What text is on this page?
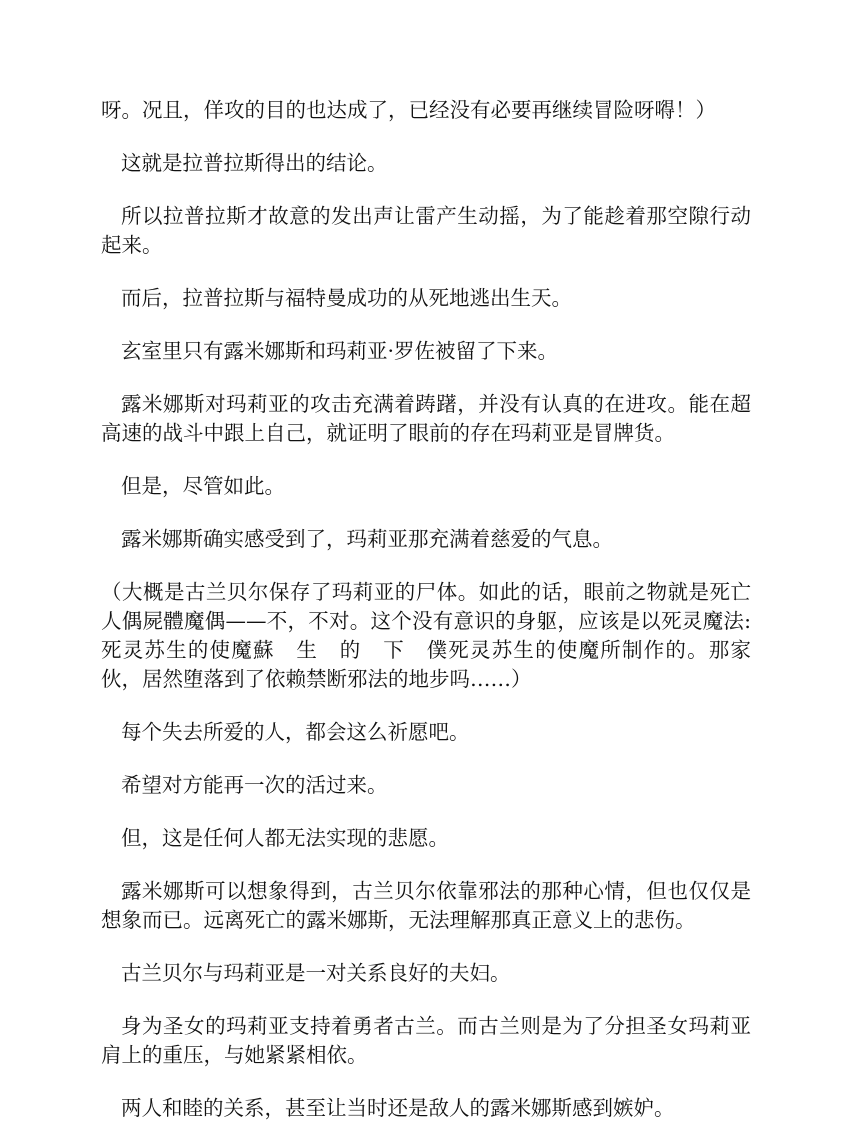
呀。况且，佯攻的目的也达成了，已经没有必要再继续冒险呀嘚！）

这就是拉普拉斯得出的结论。

所以拉普拉斯才故意的发出声让雷产生动摇，为了能趁着那空隙行动起来。

而后，拉普拉斯与福特曼成功的从死地逃出生天。

玄室里只有露米娜斯和玛莉亚·罗佐被留了下来。

露米娜斯对玛莉亚的攻击充满着踌躇，并没有认真的在进攻。能在超高速的战斗中跟上自己，就证明了眼前的存在玛莉亚是冒牌货。

但是，尽管如此。

露米娜斯确实感受到了，玛莉亚那充满着慈爱的气息。

（大概是古兰贝尔保存了玛莉亚的尸体。如此的话，眼前之物就是死亡人偶屍體魔偶——不，不对。这个没有意识的身躯，应该是以死灵魔法:死灵苏生的使魔蘇　生　的　下　僕死灵苏生的使魔所制作的。那家伙，居然堕落到了依赖禁断邪法的地步吗……）

每个失去所爱的人，都会这么祈愿吧。

希望对方能再一次的活过来。

但，这是任何人都无法实现的悲愿。

露米娜斯可以想象得到，古兰贝尔依靠邪法的那种心情，但也仅仅是想象而已。远离死亡的露米娜斯，无法理解那真正意义上的悲伤。

古兰贝尔与玛莉亚是一对关系良好的夫妇。

身为圣女的玛莉亚支持着勇者古兰。而古兰则是为了分担圣女玛莉亚肩上的重压，与她紧紧相依。

两人和睦的关系，甚至让当时还是敌人的露米娜斯感到嫉妒。
